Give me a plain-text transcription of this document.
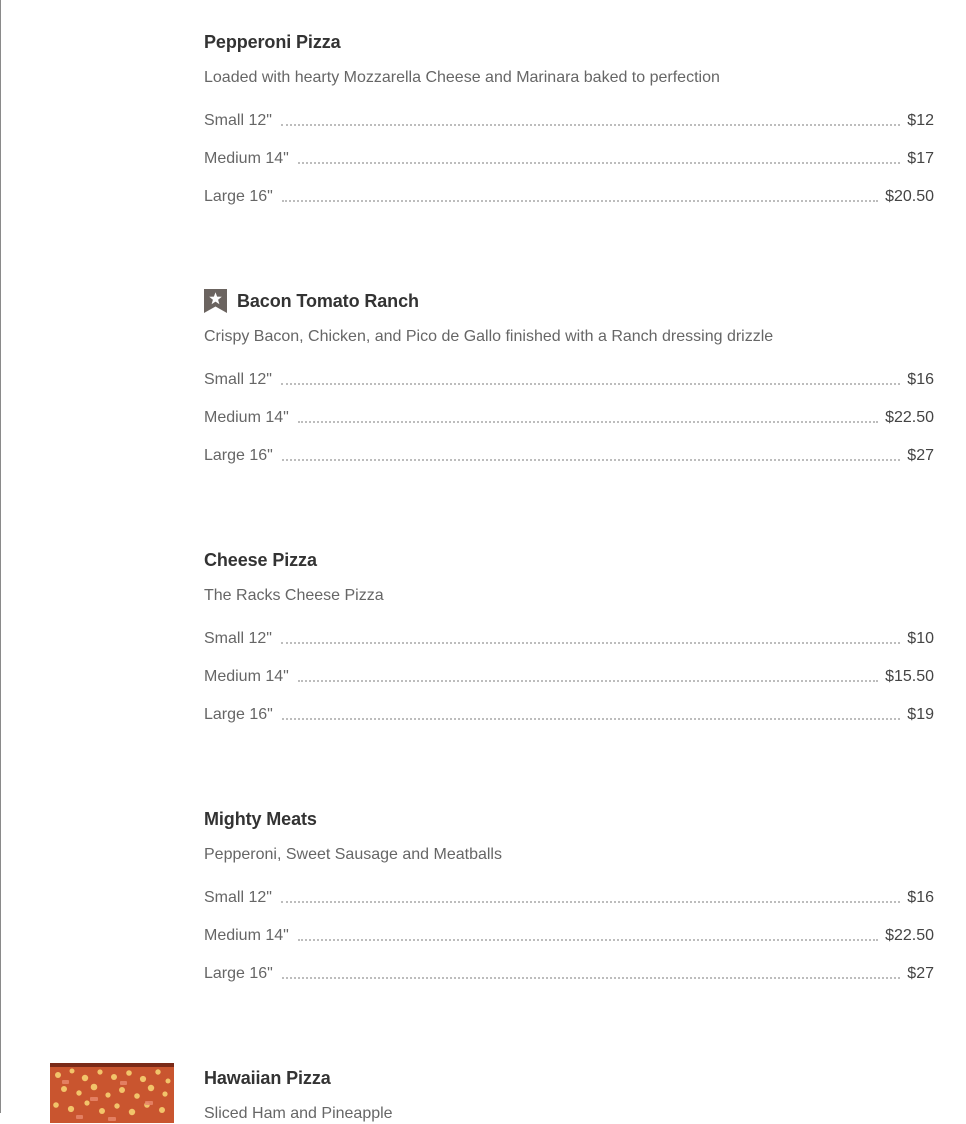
Pepperoni Pizza
Loaded with hearty Mozzarella Cheese and Marinara baked to perfection
Small 12"	$12
Medium 14"	$17
Large 16"	$20.50
Bacon Tomato Ranch
Crispy Bacon, Chicken, and Pico de Gallo finished with a Ranch dressing drizzle
Small 12"	$16
Medium 14"	$22.50
Large 16"	$27
Cheese Pizza
The Racks Cheese Pizza
Small 12"	$10
Medium 14"	$15.50
Large 16"	$19
Mighty Meats
Pepperoni, Sweet Sausage and Meatballs
Small 12"	$16
Medium 14"	$22.50
Large 16"	$27
Hawaiian Pizza
Sliced Ham and Pineapple
